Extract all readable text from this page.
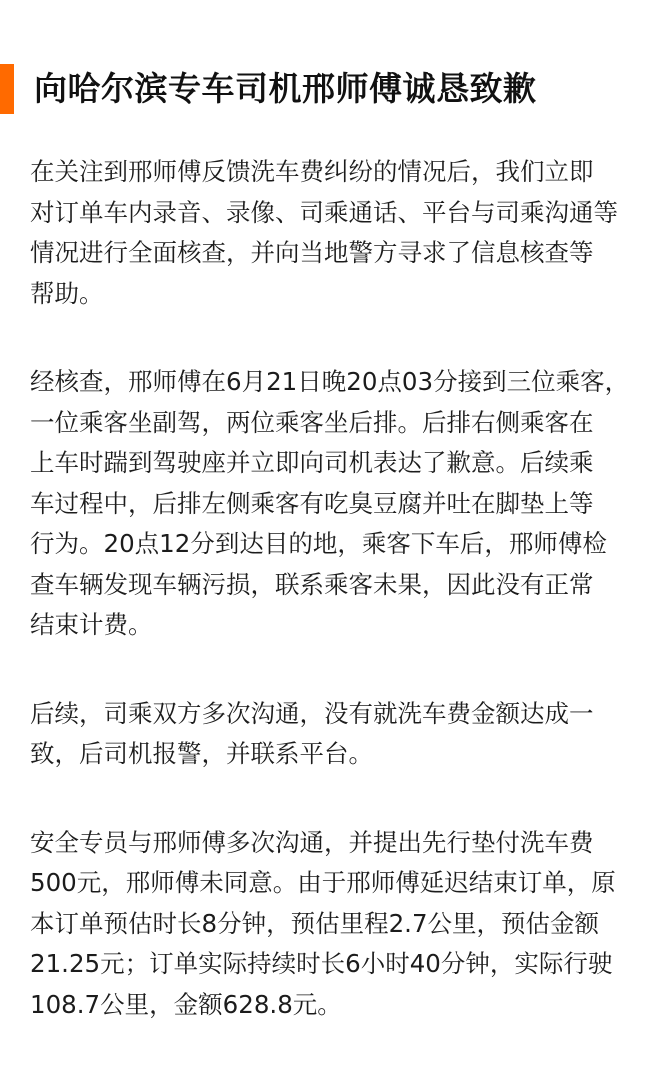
向哈尔滨专车司机邢师傅诚恳致歉
在关注到邢师傅反馈洗车费纠纷的情况后，我们立即
对订单车内录音、录像、司乘通话、平台与司乘沟通等
情况进行全面核查，并向当地警方寻求了信息核查等
帮助。
经核查，邢师傅在6月21日晚20点03分接到三位乘客，
一位乘客坐副驾，两位乘客坐后排。后排右侧乘客在
上车时踹到驾驶座并立即向司机表达了歉意。后续乘
车过程中，后排左侧乘客有吃臭豆腐并吐在脚垫上等
行为。20点12分到达目的地，乘客下车后，邢师傅检
查车辆发现车辆污损，联系乘客未果，因此没有正常
结束计费。
后续，司乘双方多次沟通，没有就洗车费金额达成一
致，后司机报警，并联系平台。
安全专员与邢师傅多次沟通，并提出先行垫付洗车费
500元，邢师傅未同意。由于邢师傅延迟结束订单，原
本订单预估时长8分钟，预估里程2.7公里，预估金额
21.25元；订单实际持续时长6小时40分钟，实际行驶
108.7公里，金额628.8元。
